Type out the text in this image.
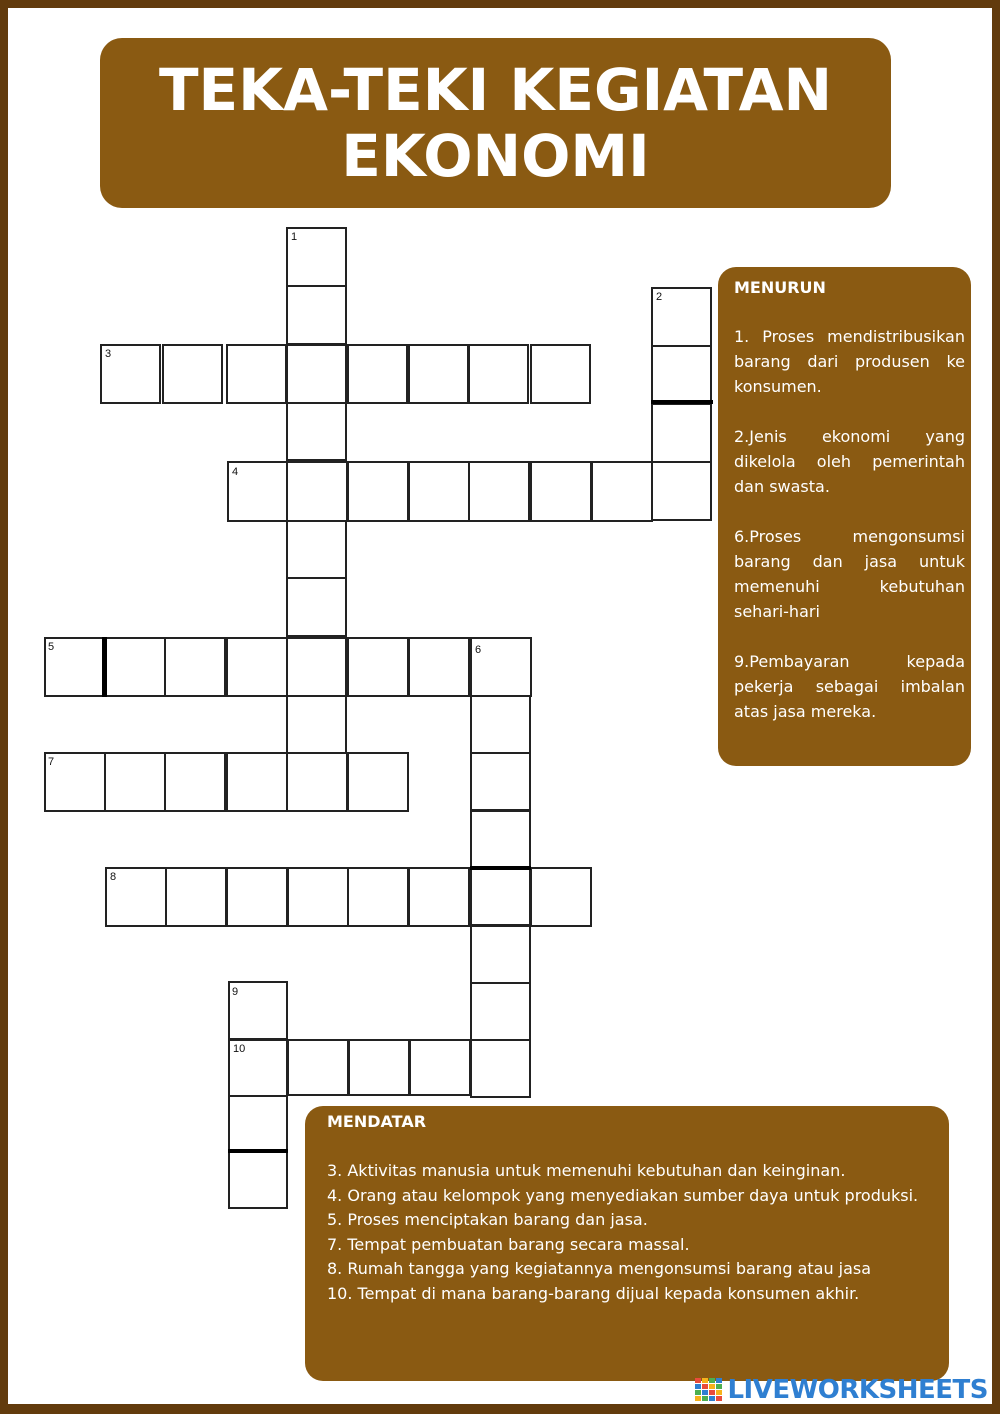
TEKA-TEKI KEGIATAN
EKONOMI
1
2
3
4
5	6
7
8
9
10
MENURUN
1. Proses mendistribusikan barang dari produsen ke konsumen.
2.Jenis ekonomi yang dikelola oleh pemerintah dan swasta.
6.Proses mengonsumsi barang dan jasa untuk memenuhi kebutuhan sehari-hari
9.Pembayaran kepada pekerja sebagai imbalan atas jasa mereka.
MENDATAR
3. Aktivitas manusia untuk memenuhi kebutuhan dan keinginan.
4. Orang atau kelompok yang menyediakan sumber daya untuk produksi.
5. Proses menciptakan barang dan jasa.
7. Tempat pembuatan barang secara massal.
8. Rumah tangga yang kegiatannya mengonsumsi barang atau jasa
10. Tempat di mana barang-barang dijual kepada konsumen akhir.
LIVEWORKSHEETS
